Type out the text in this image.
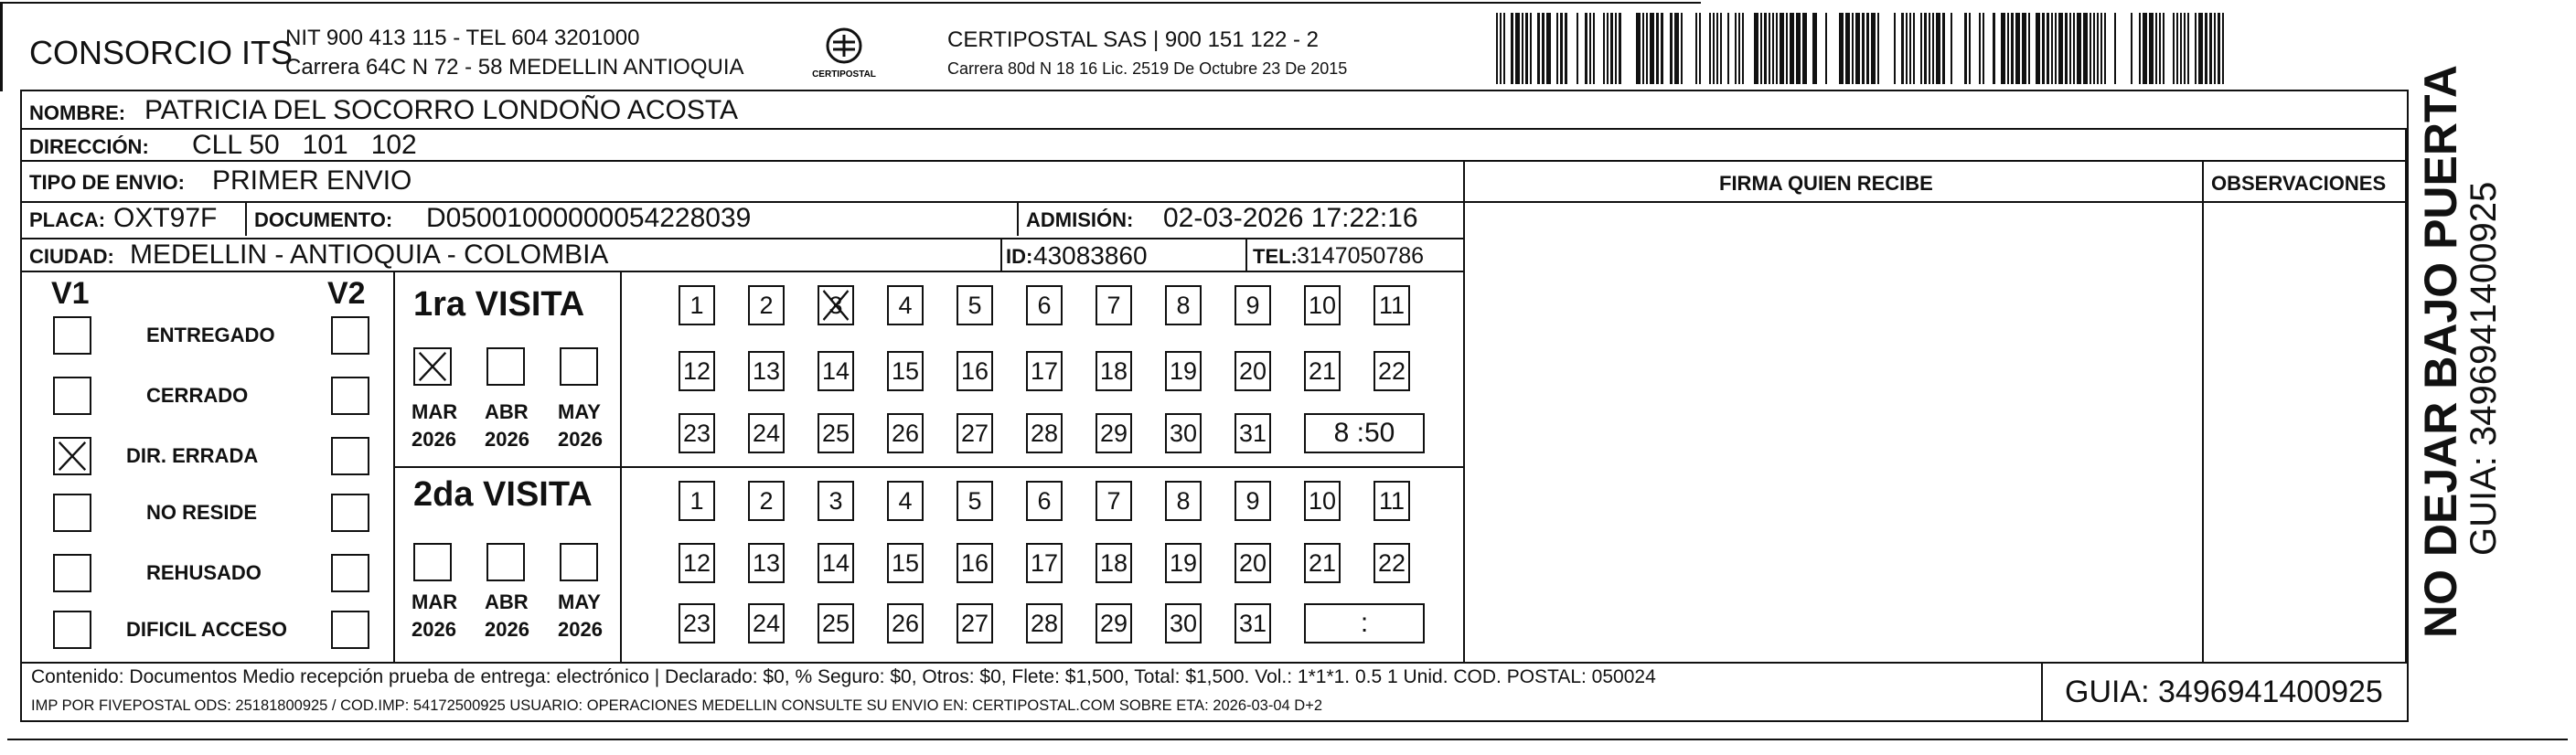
CONSORCIO ITS
NIT 900 413 115 - TEL 604 3201000
Carrera 64C N 72 - 58 MEDELLIN ANTIOQUIA	CERTIPOSTAL
CERTIPOSTAL SAS | 900 151 122 - 2
Carrera 80d N 18 16 Lic. 2519 De Octubre 23 De 2015
NOMBRE: PATRICIA DEL SOCORRO LONDOÑO ACOSTA
DIRECCIÓN: CLL 50   101   102
TIPO DE ENVIO: PRIMER ENVIO	FIRMA QUIEN RECIBE	OBSERVACIONES
PLACA: OXT97F DOCUMENTO: D05001000000054228039	ADMISIÓN: 02-03-2026 17:22:16
CIUDAD: MEDELLIN - ANTIOQUIA - COLOMBIA	ID: 43083860	TEL: 3147050786
V1	V2
ENTREGADO
CERRADO
DIR. ERRADA
NO RESIDE
REHUSADO
DIFICIL ACCESO
1ra VISITA
MAR
2026
ABR
2026
MAY
2026
1 2 3 4 5 6 7 8 9 10 11
12 13 14 15 16 17 18 19 20 21 22
23 24 25 26 27 28 29 30 31	8 :50
2da VISITA
MAR
2026
ABR
2026
MAY
2026
1 2 3 4 5 6 7 8 9 10 11
12 13 14 15 16 17 18 19 20 21 22
23 24 25 26 27 28 29 30 31	:
Contenido: Documentos Medio recepción prueba de entrega: electrónico | Declarado: $0, % Seguro: $0, Otros: $0, Flete: $1,500, Total: $1,500. Vol.: 1*1*1. 0.5 1 Unid. COD. POSTAL: 050024
IMP POR FIVEPOSTAL ODS: 25181800925 / COD.IMP: 54172500925 USUARIO: OPERACIONES MEDELLIN CONSULTE SU ENVIO EN: CERTIPOSTAL.COM SOBRE ETA: 2026-03-04 D+2	GUIA: 3496941400925
NO DEJAR BAJO PUERTA
GUIA: 3496941400925
